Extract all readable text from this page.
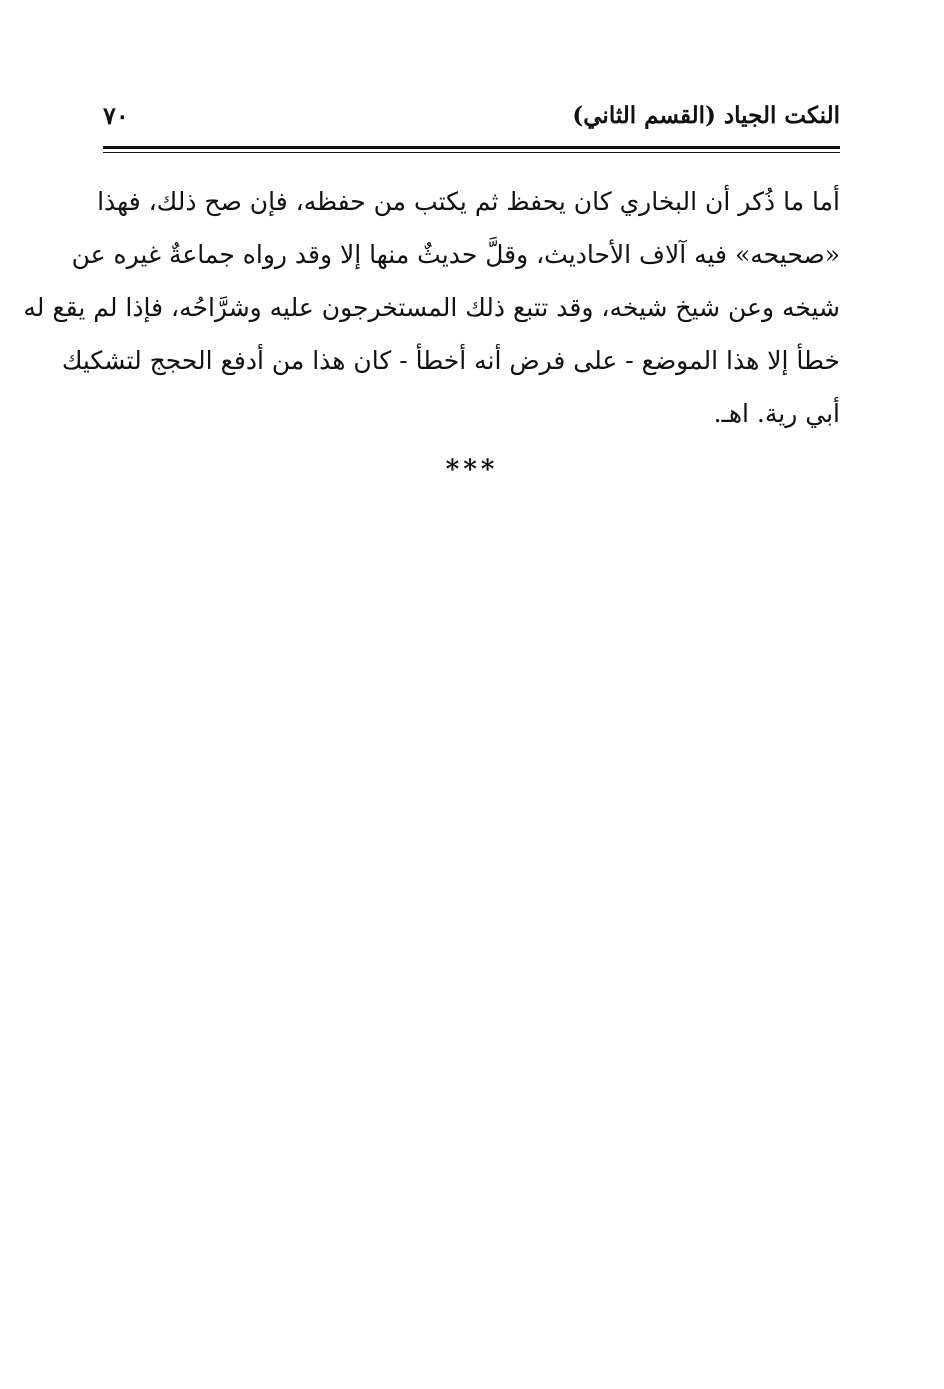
النكت الجياد (القسم الثاني)
٧٠
أما ما ذُكر أن البخاري كان يحفظ ثم يكتب من حفظه، فإن صح ذلك، فهذا
«صحيحه» فيه آلاف الأحاديث، وقلَّ حديثٌ منها إلا وقد رواه جماعةٌ غيره عن
شيخه وعن شيخ شيخه، وقد تتبع ذلك المستخرجون عليه وشرَّاحُه، فإذا لم يقع له
خطأ إلا هذا الموضع - على فرض أنه أخطأ - كان هذا من أدفع الحجج لتشكيك
أبي رية. اهـ.
***
